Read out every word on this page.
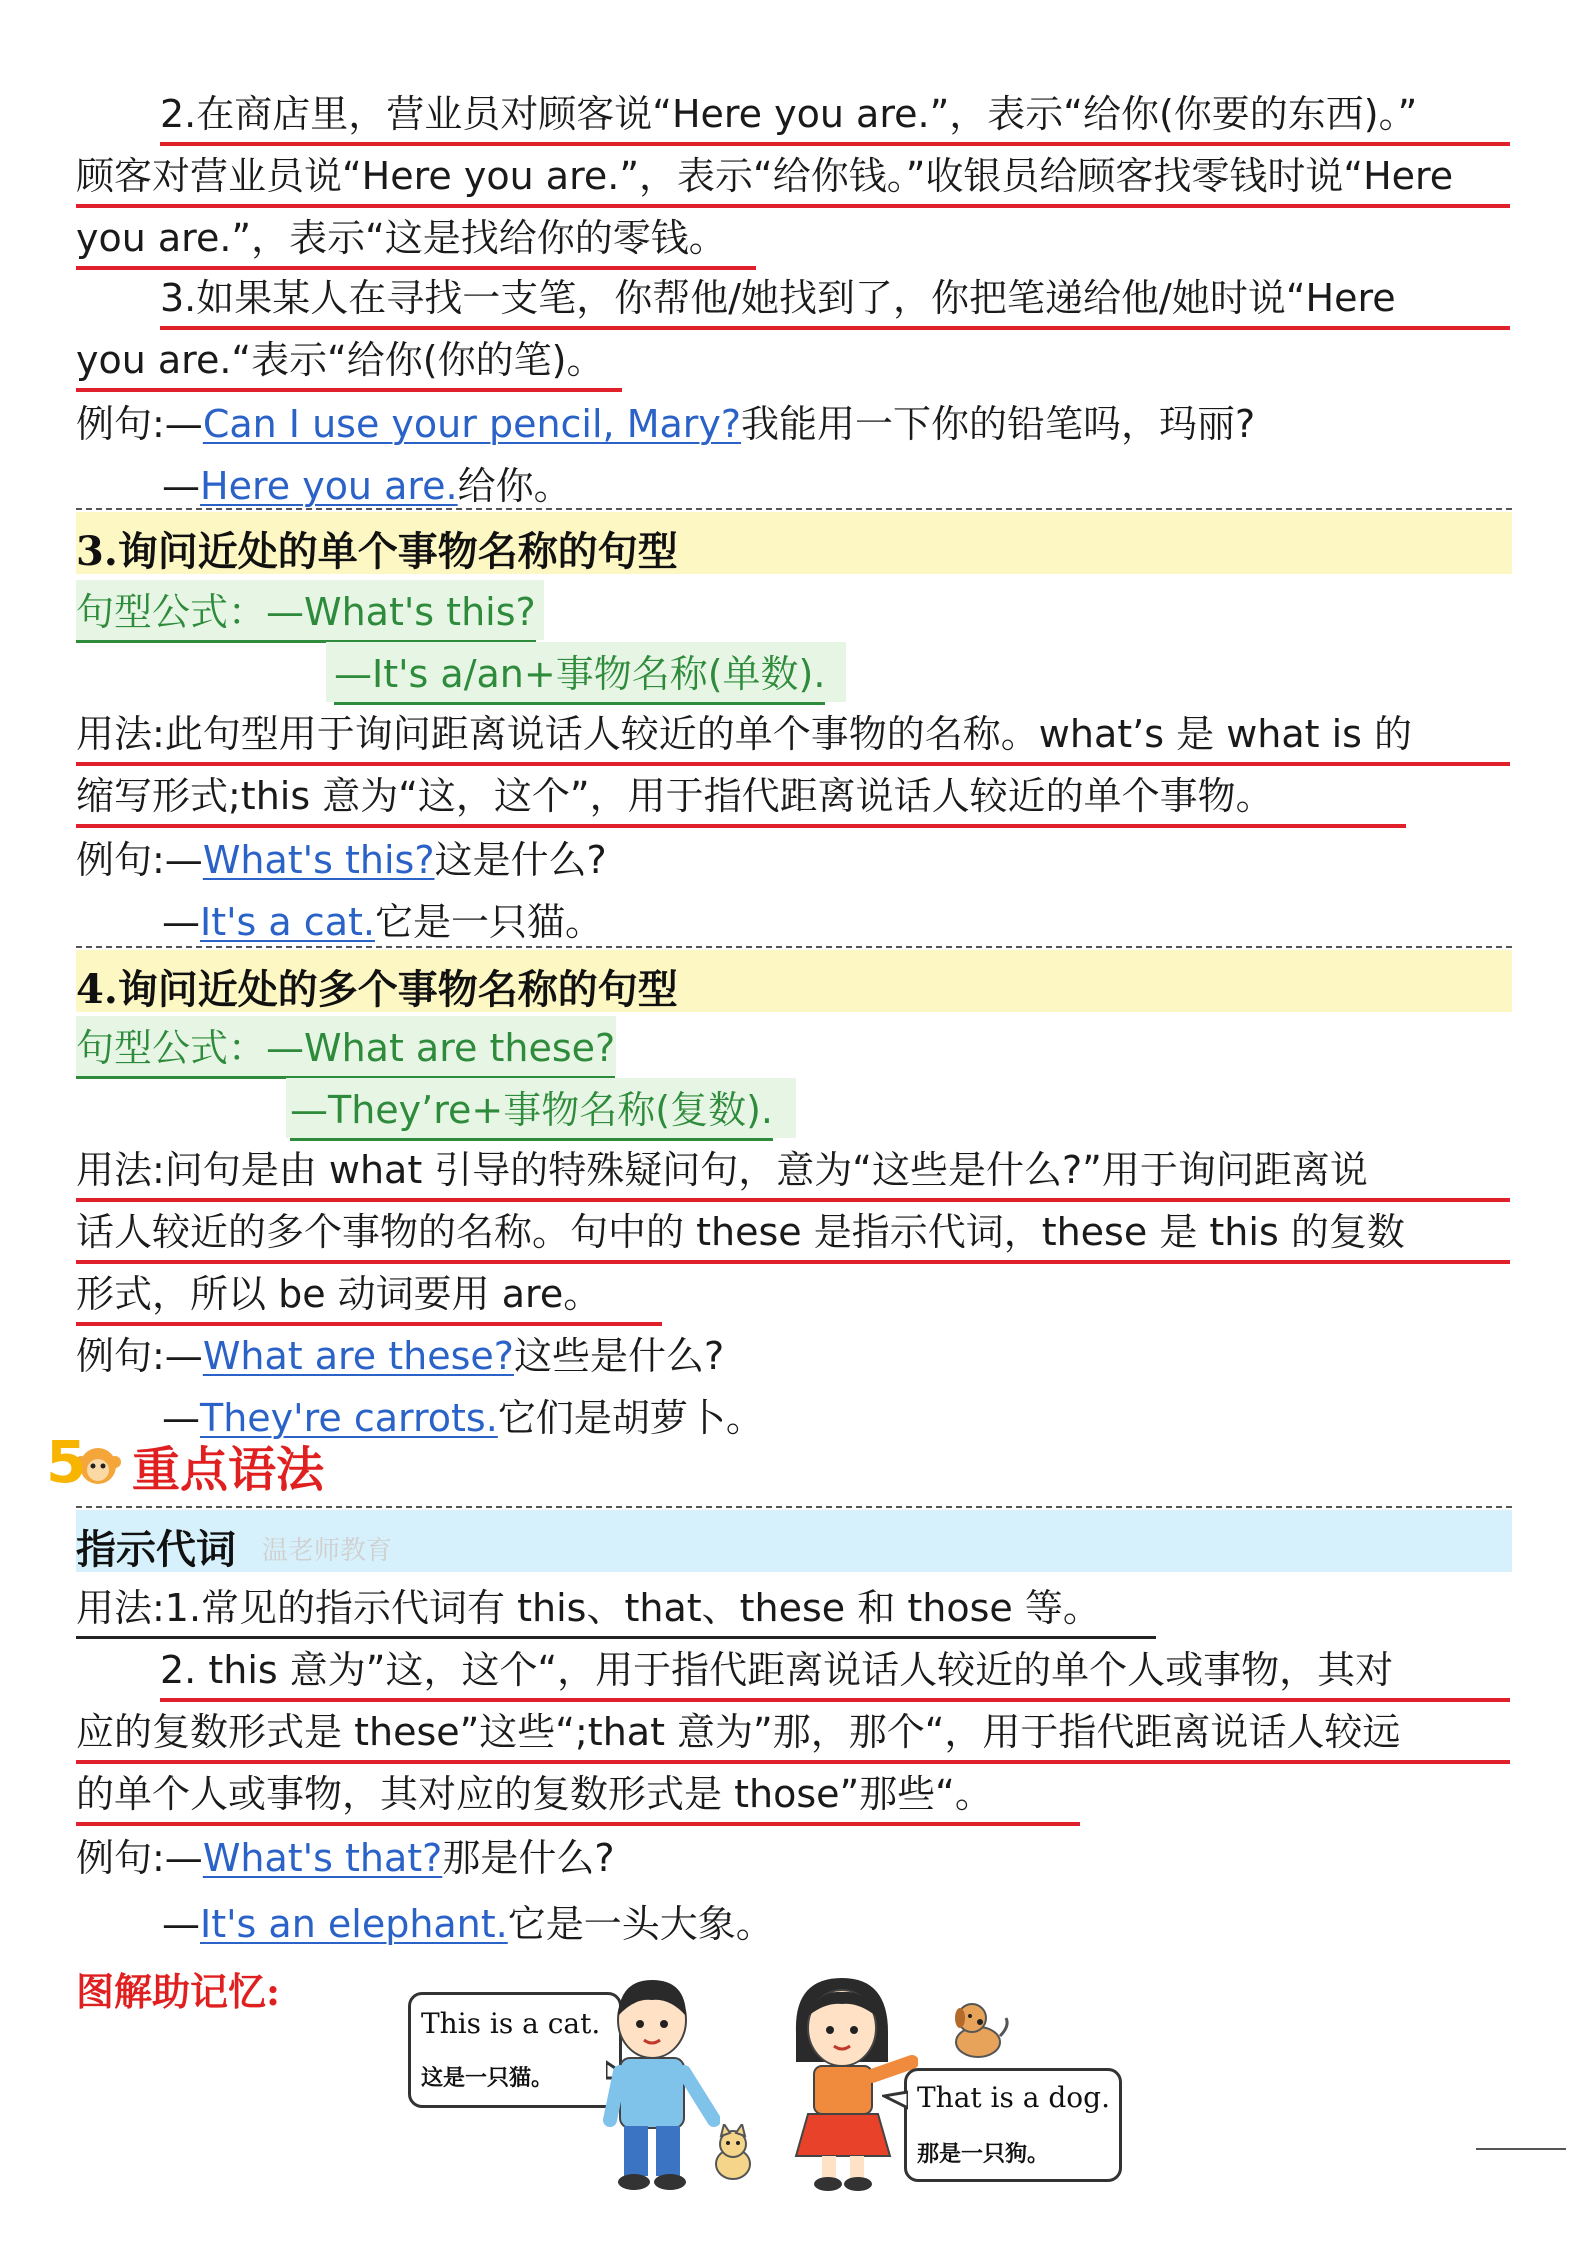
2.在商店里，营业员对顾客说“Here you are.”，表示“给你(你要的东西)。”
顾客对营业员说“Here you are.”，表示“给你钱。”收银员给顾客找零钱时说“Here
you are.”，表示“这是找给你的零钱。
3.如果某人在寻找一支笔，你帮他/她找到了，你把笔递给他/她时说“Here
you are.“表示“给你(你的笔)。
例句:—Can I use your pencil, Mary?我能用一下你的铅笔吗，玛丽?
—Here you are.给你。
3.询问近处的单个事物名称的句型
句型公式：—What's this?
—It's a/an+事物名称(单数).
用法:此句型用于询问距离说话人较近的单个事物的名称。what’s 是 what is 的
缩写形式;this 意为“这，这个”，用于指代距离说话人较近的单个事物。
例句:—What's this?这是什么?
—It's a cat.它是一只猫。
4.询问近处的多个事物名称的句型
句型公式：—What are these?
—They’re+事物名称(复数).
用法:问句是由 what 引导的特殊疑问句，意为“这些是什么?”用于询问距离说
话人较近的多个事物的名称。句中的 these 是指示代词，these 是 this 的复数
形式，所以 be 动词要用 are。
例句:—What are these?这些是什么?
—They're carrots.它们是胡萝卜。
5 重点语法
指示代词 温老师教育
用法:1.常见的指示代词有 this、that、these 和 those 等。
2. this 意为”这，这个“，用于指代距离说话人较近的单个人或事物，其对
应的复数形式是 these”这些“;that 意为”那，那个“，用于指代距离说话人较远
的单个人或事物，其对应的复数形式是 those”那些“。
例句:—What's that?那是什么?
—It's an elephant.它是一头大象。
图解助记忆:
This is a cat.
这是一只猫。
That is a dog.
那是一只狗。
